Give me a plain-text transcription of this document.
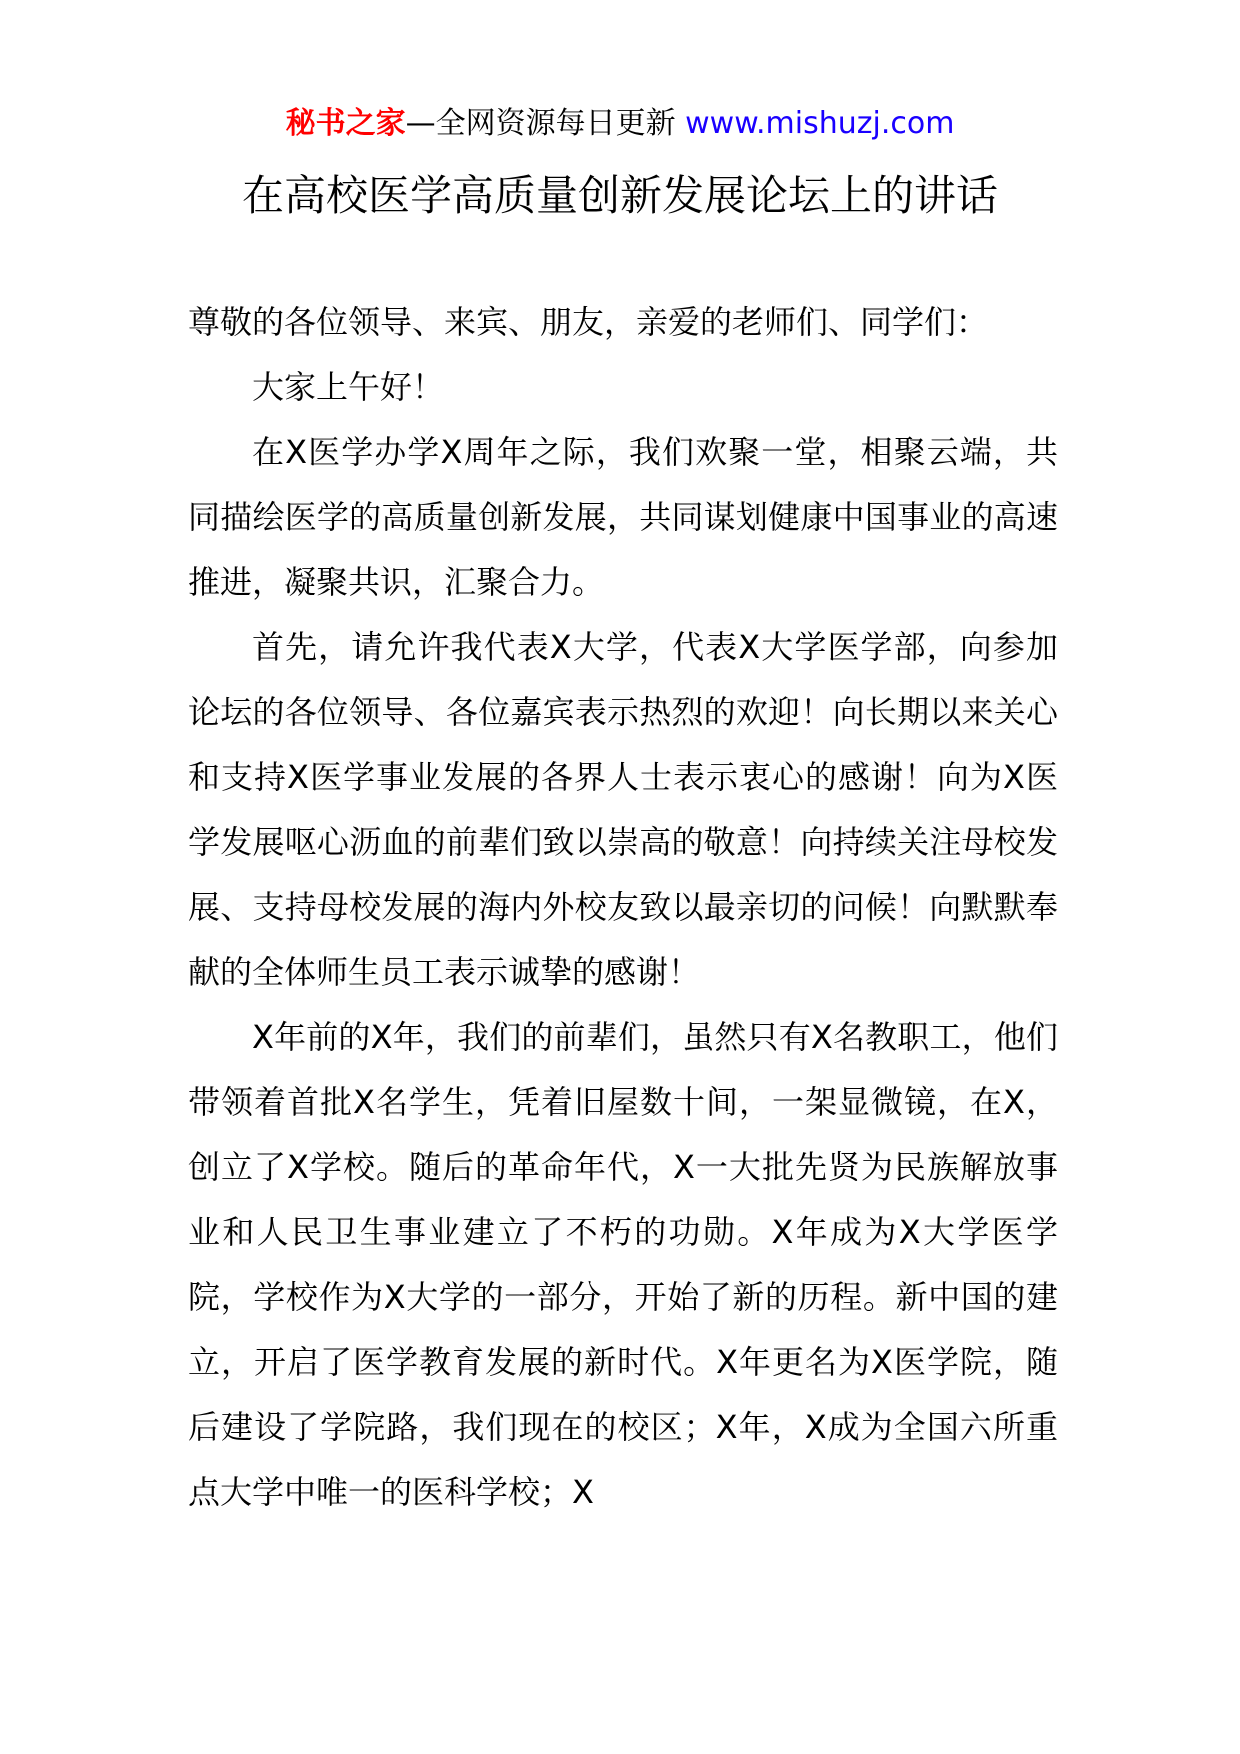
秘书之家—全网资源每日更新 www.mishuzj.com
在高校医学高质量创新发展论坛上的讲话

尊敬的各位领导、来宾、朋友，亲爱的老师们、同学们：

大家上午好！

在X医学办学X周年之际，我们欢聚一堂，相聚云端，共同描绘医学的高质量创新发展，共同谋划健康中国事业的高速推进，凝聚共识，汇聚合力。

首先，请允许我代表X大学，代表X大学医学部，向参加论坛的各位领导、各位嘉宾表示热烈的欢迎！向长期以来关心和支持X医学事业发展的各界人士表示衷心的感谢！向为X医学发展呕心沥血的前辈们致以崇高的敬意！向持续关注母校发展、支持母校发展的海内外校友致以最亲切的问候！向默默奉献的全体师生员工表示诚挚的感谢！

X年前的X年，我们的前辈们，虽然只有X名教职工，他们带领着首批X名学生，凭着旧屋数十间，一架显微镜，在X，创立了X学校。随后的革命年代，X一大批先贤为民族解放事业和人民卫生事业建立了不朽的功勋。X年成为X大学医学院，学校作为X大学的一部分，开始了新的历程。新中国的建立，开启了医学教育发展的新时代。X年更名为X医学院，随后建设了学院路，我们现在的校区；X年，X成为全国六所重点大学中唯一的医科学校；X
